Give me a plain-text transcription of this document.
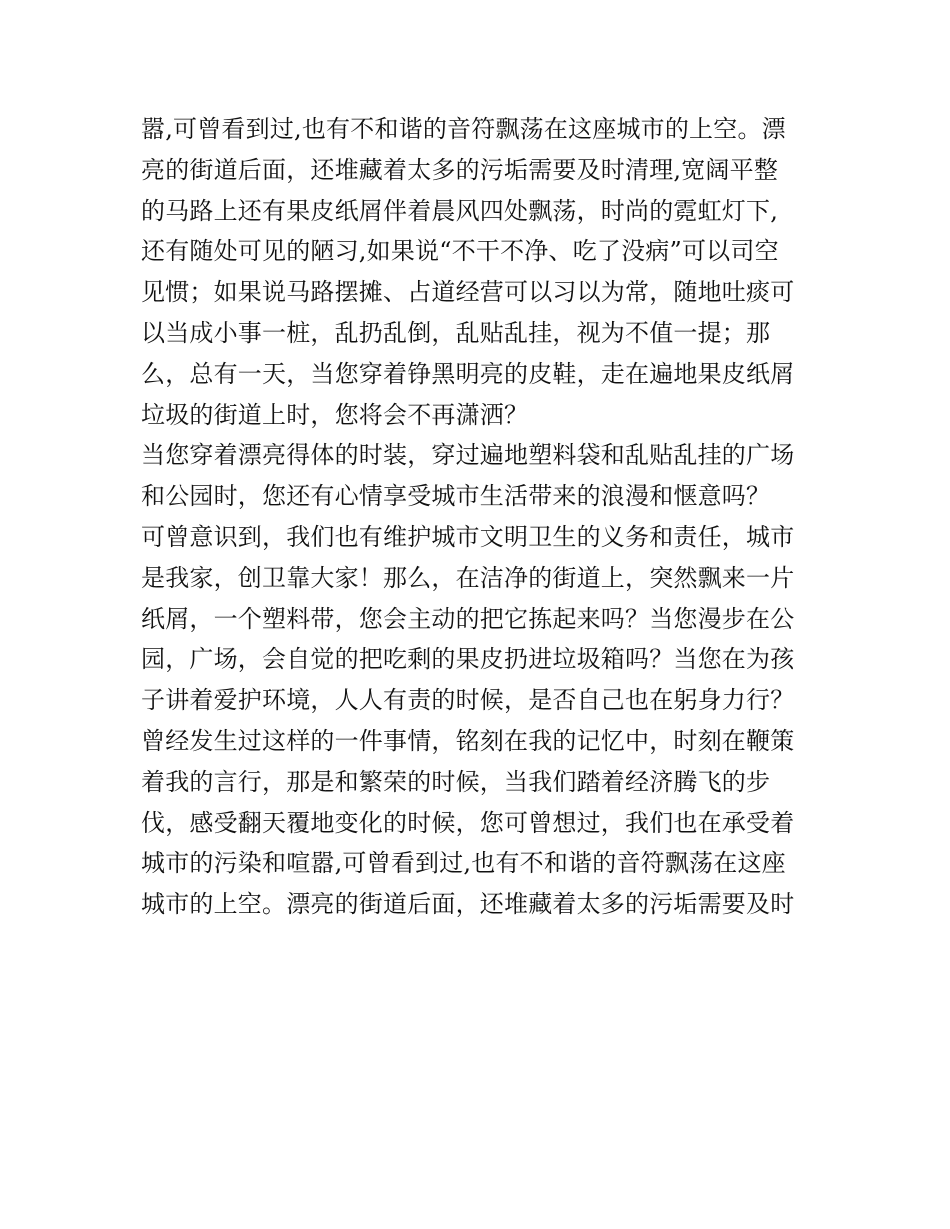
嚣,可曾看到过,也有不和谐的音符飘荡在这座城市的上空。漂
亮的街道后面，还堆藏着太多的污垢需要及时清理,宽阔平整
的马路上还有果皮纸屑伴着晨风四处飘荡，时尚的霓虹灯下,
还有随处可见的陋习,如果说“不干不净、吃了没病”可以司空
见惯；如果说马路摆摊、占道经营可以习以为常，随地吐痰可
以当成小事一桩，乱扔乱倒，乱贴乱挂，视为不值一提；那
么，总有一天，当您穿着铮黑明亮的皮鞋，走在遍地果皮纸屑
垃圾的街道上时，您将会不再潇洒？
当您穿着漂亮得体的时装，穿过遍地塑料袋和乱贴乱挂的广场
和公园时，您还有心情享受城市生活带来的浪漫和惬意吗？
可曾意识到，我们也有维护城市文明卫生的义务和责任，城市
是我家，创卫靠大家！那么，在洁净的街道上，突然飘来一片
纸屑，一个塑料带，您会主动的把它拣起来吗？当您漫步在公
园，广场，会自觉的把吃剩的果皮扔进垃圾箱吗？当您在为孩
子讲着爱护环境，人人有责的时候，是否自己也在躬身力行？
曾经发生过这样的一件事情，铭刻在我的记忆中，时刻在鞭策
着我的言行，那是和繁荣的时候，当我们踏着经济腾飞的步
伐，感受翻天覆地变化的时候，您可曾想过，我们也在承受着
城市的污染和喧嚣,可曾看到过,也有不和谐的音符飘荡在这座
城市的上空。漂亮的街道后面，还堆藏着太多的污垢需要及时
